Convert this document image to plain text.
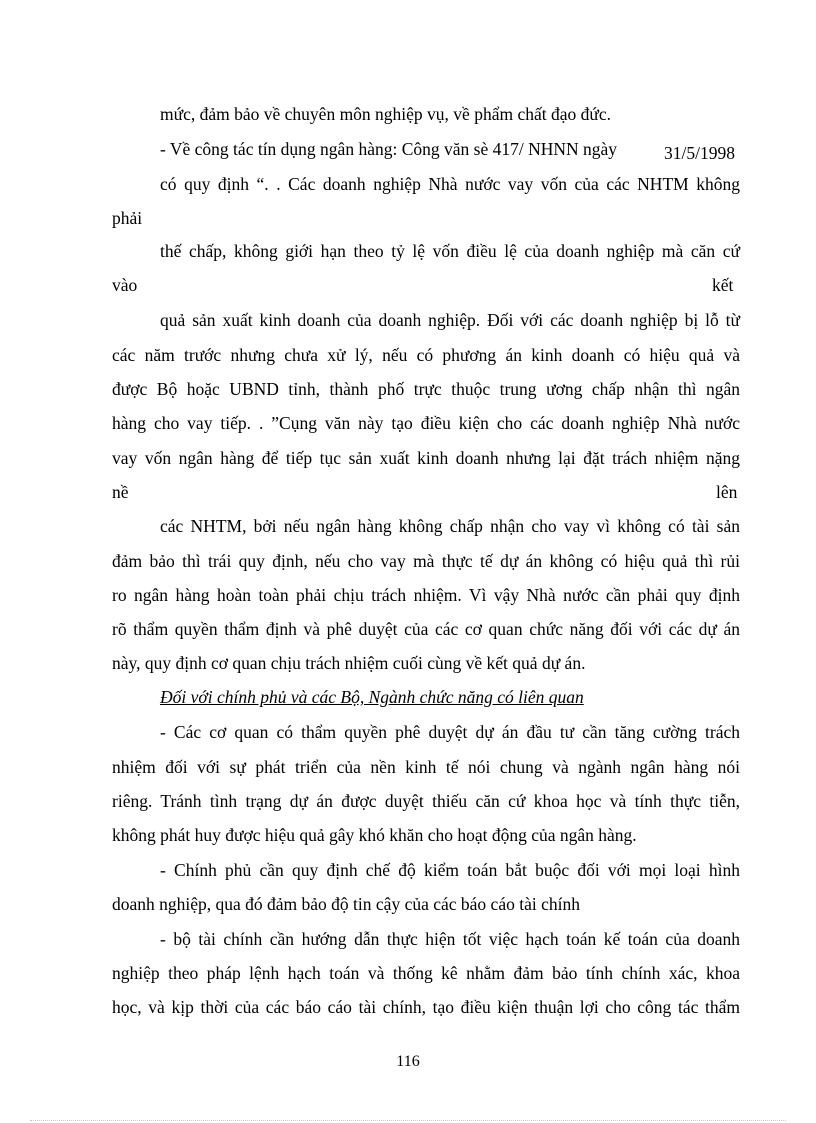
mức, đảm bảo về chuyên môn nghiệp vụ, về phẩm chất đạo đức.

- Về công tác tín dụng ngân hàng: Công văn sè 417/ NHNN ngày	31/5/1998

có quy định “. . Các doanh nghiệp Nhà nước vay vốn của các NHTM không

phải

thế chấp, không giới hạn theo tỷ lệ vốn điều lệ của doanh nghiệp mà căn cứ

vào	kết

quả sản xuất kinh doanh của doanh nghiệp. Đối với các doanh nghiệp bị lỗ từ

các năm trước nhưng chưa xử lý, nếu có phương án kinh doanh có hiệu quả và

được Bộ hoặc UBND tỉnh, thành phố trực thuộc trung ương chấp nhận thì ngân

hàng cho vay tiếp. . ”Cụng văn này tạo điều kiện cho các doanh nghiệp Nhà nước

vay vốn ngân hàng để tiếp tục sản xuất kinh doanh nhưng lại đặt trách nhiệm nặng

nề	lên

các NHTM, bởi nếu ngân hàng không chấp nhận cho vay vì không có tài sản

đảm bảo thì trái quy định, nếu cho vay mà thực tế dự án không có hiệu quả thì rủi

ro ngân hàng hoàn toàn phải chịu trách nhiệm. Vì vậy Nhà nước cần phải quy định

rõ thẩm quyền thẩm định và phê duyệt của các cơ quan chức năng đối với các dự án

này, quy định cơ quan chịu trách nhiệm cuối cùng về kết quả dự án.

Đối với chính phủ và các Bộ, Ngành chức năng có liên quan

- Các cơ quan có thẩm quyền phê duyệt dự án đầu tư cần tăng cường trách

nhiệm đối với sự phát triển của nền kinh tế nói chung và ngành ngân hàng nói

riêng. Tránh tình trạng dự án được duyệt thiếu căn cứ khoa học và tính thực tiễn,

không phát huy được hiệu quả gây khó khăn cho hoạt động của ngân hàng.

- Chính phủ cần quy định chế độ kiểm toán bắt buộc đối với mọi loại hình

doanh nghiệp, qua đó đảm bảo độ tin cậy của các báo cáo tài chính

- bộ tài chính cần hướng dẫn thực hiện tốt việc hạch toán kế toán của doanh

nghiệp theo pháp lệnh hạch toán và thống kê nhằm đảm bảo tính chính xác, khoa

học, và kịp thời của các báo cáo tài chính, tạo điều kiện thuận lợi cho công tác thẩm

116
